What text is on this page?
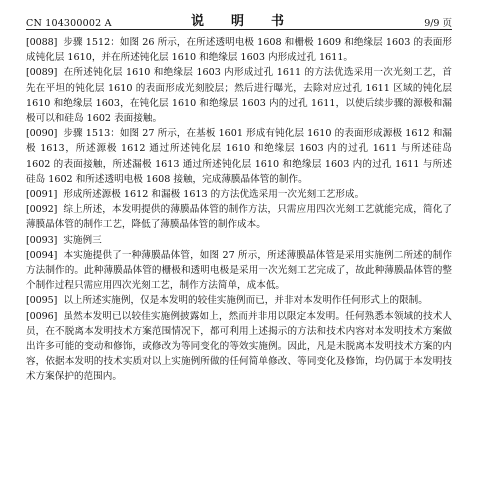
CN 104300002 A	说　明　书	9/9 页

[0088] 步骤 1512：如图 26 所示，在所述透明电极 1608 和栅极 1609 和绝缘层 1603 的表面形成钝化层 1610，并在所述钝化层 1610 和绝缘层 1603 内形成过孔 1611。

[0089] 在所述钝化层 1610 和绝缘层 1603 内形成过孔 1611 的方法优选采用一次光刻工艺，首先在平坦的钝化层 1610 的表面形成光刻胶层；然后进行曝光，去除对应过孔 1611 区域的钝化层 1610 和绝缘层 1603，在钝化层 1610 和绝缘层 1603 内的过孔 1611，以使后续步骤的源极和漏极可以和硅岛 1602 表面接触。

[0090] 步骤 1513：如图 27 所示，在基板 1601 形成有钝化层 1610 的表面形成源极 1612 和漏极 1613，所述源极 1612 通过所述钝化层 1610 和绝缘层 1603 内的过孔 1611 与所述硅岛 1602 的表面接触，所述漏极 1613 通过所述钝化层 1610 和绝缘层 1603 内的过孔 1611 与所述硅岛 1602 和所述透明电极 1608 接触，完成薄膜晶体管的制作。

[0091] 形成所述源极 1612 和漏极 1613 的方法优选采用一次光刻工艺形成。

[0092] 综上所述，本发明提供的薄膜晶体管的制作方法，只需应用四次光刻工艺就能完成，简化了薄膜晶体管的制作工艺，降低了薄膜晶体管的制作成本。

[0093] 实施例三

[0094] 本实施提供了一种薄膜晶体管，如图 27 所示，所述薄膜晶体管是采用实施例二所述的制作方法制作的。此种薄膜晶体管的栅极和透明电极是采用一次光刻工艺完成了，故此种薄膜晶体管的整个制作过程只需应用四次光刻工艺，制作方法简单，成本低。

[0095] 以上所述实施例，仅是本发明的较佳实施例而已，并非对本发明作任何形式上的限制。

[0096] 虽然本发明已以较佳实施例披露如上，然而并非用以限定本发明。任何熟悉本领域的技术人员，在不脱离本发明技术方案范围情况下，都可利用上述揭示的方法和技术内容对本发明技术方案做出许多可能的变动和修饰，或修改为等同变化的等效实施例。因此，凡是未脱离本发明技术方案的内容，依据本发明的技术实质对以上实施例所做的任何简单修改、等同变化及修饰，均仍属于本发明技术方案保护的范围内。
